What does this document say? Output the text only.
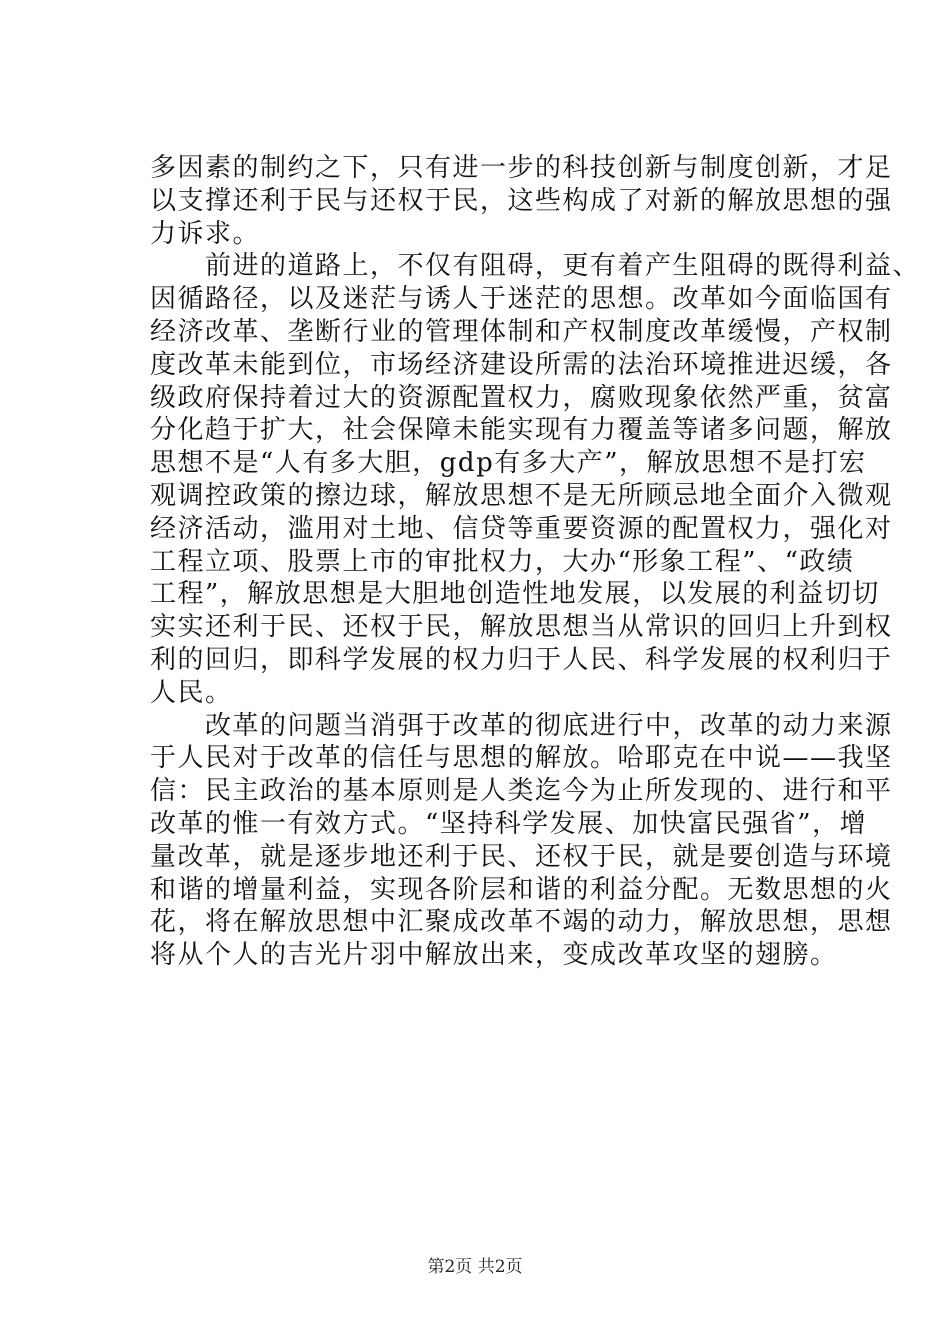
多因素的制约之下，只有进一步的科技创新与制度创新，才足
以支撑还利于民与还权于民，这些构成了对新的解放思想的强
力诉求。
　　前进的道路上，不仅有阻碍，更有着产生阻碍的既得利益、
因循路径，以及迷茫与诱人于迷茫的思想。改革如今面临国有
经济改革、垄断行业的管理体制和产权制度改革缓慢，产权制
度改革未能到位，市场经济建设所需的法治环境推进迟缓，各
级政府保持着过大的资源配置权力，腐败现象依然严重，贫富
分化趋于扩大，社会保障未能实现有力覆盖等诸多问题，解放
思想不是“人有多大胆，gdp有多大产”，解放思想不是打宏
观调控政策的擦边球，解放思想不是无所顾忌地全面介入微观
经济活动，滥用对土地、信贷等重要资源的配置权力，强化对
工程立项、股票上市的审批权力，大办“形象工程”、“政绩
工程”，解放思想是大胆地创造性地发展，以发展的利益切切
实实还利于民、还权于民，解放思想当从常识的回归上升到权
利的回归，即科学发展的权力归于人民、科学发展的权利归于
人民。
　　改革的问题当消弭于改革的彻底进行中，改革的动力来源
于人民对于改革的信任与思想的解放。哈耶克在中说——我坚
信：民主政治的基本原则是人类迄今为止所发现的、进行和平
改革的惟一有效方式。“坚持科学发展、加快富民强省”，增
量改革，就是逐步地还利于民、还权于民，就是要创造与环境
和谐的增量利益，实现各阶层和谐的利益分配。无数思想的火
花，将在解放思想中汇聚成改革不竭的动力，解放思想，思想
将从个人的吉光片羽中解放出来，变成改革攻坚的翅膀。
第2页 共2页
